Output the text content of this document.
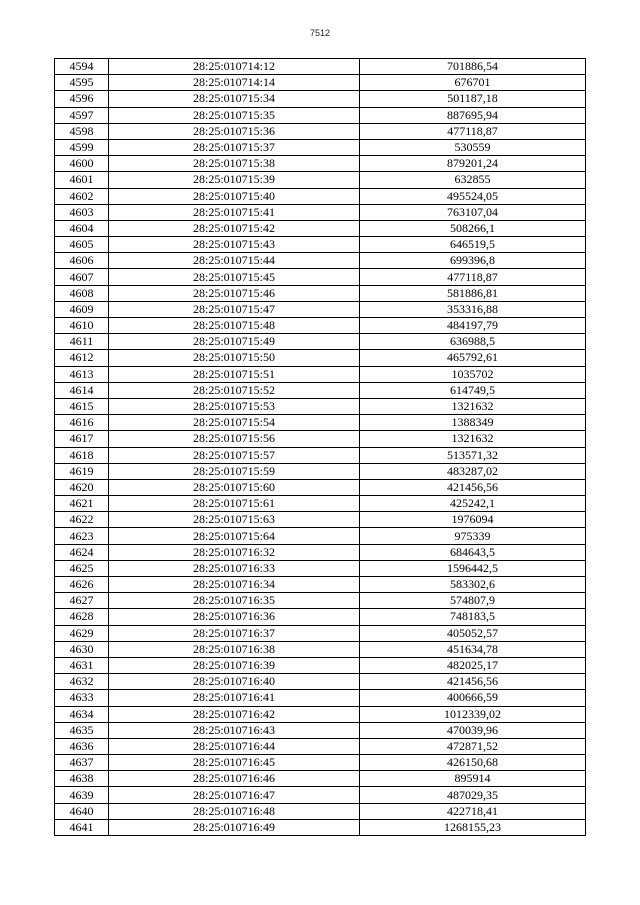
7512
4594	28:25:010714:12	701886,54
4595	28:25:010714:14	676701
4596	28:25:010715:34	501187,18
4597	28:25:010715:35	887695,94
4598	28:25:010715:36	477118,87
4599	28:25:010715:37	530559
4600	28:25:010715:38	879201,24
4601	28:25:010715:39	632855
4602	28:25:010715:40	495524,05
4603	28:25:010715:41	763107,04
4604	28:25:010715:42	508266,1
4605	28:25:010715:43	646519,5
4606	28:25:010715:44	699396,8
4607	28:25:010715:45	477118,87
4608	28:25:010715:46	581886,81
4609	28:25:010715:47	353316,88
4610	28:25:010715:48	484197,79
4611	28:25:010715:49	636988,5
4612	28:25:010715:50	465792,61
4613	28:25:010715:51	1035702
4614	28:25:010715:52	614749,5
4615	28:25:010715:53	1321632
4616	28:25:010715:54	1388349
4617	28:25:010715:56	1321632
4618	28:25:010715:57	513571,32
4619	28:25:010715:59	483287,02
4620	28:25:010715:60	421456,56
4621	28:25:010715:61	425242,1
4622	28:25:010715:63	1976094
4623	28:25:010715:64	975339
4624	28:25:010716:32	684643,5
4625	28:25:010716:33	1596442,5
4626	28:25:010716:34	583302,6
4627	28:25:010716:35	574807,9
4628	28:25:010716:36	748183,5
4629	28:25:010716:37	405052,57
4630	28:25:010716:38	451634,78
4631	28:25:010716:39	482025,17
4632	28:25:010716:40	421456,56
4633	28:25:010716:41	400666,59
4634	28:25:010716:42	1012339,02
4635	28:25:010716:43	470039,96
4636	28:25:010716:44	472871,52
4637	28:25:010716:45	426150,68
4638	28:25:010716:46	895914
4639	28:25:010716:47	487029,35
4640	28:25:010716:48	422718,41
4641	28:25:010716:49	1268155,23
